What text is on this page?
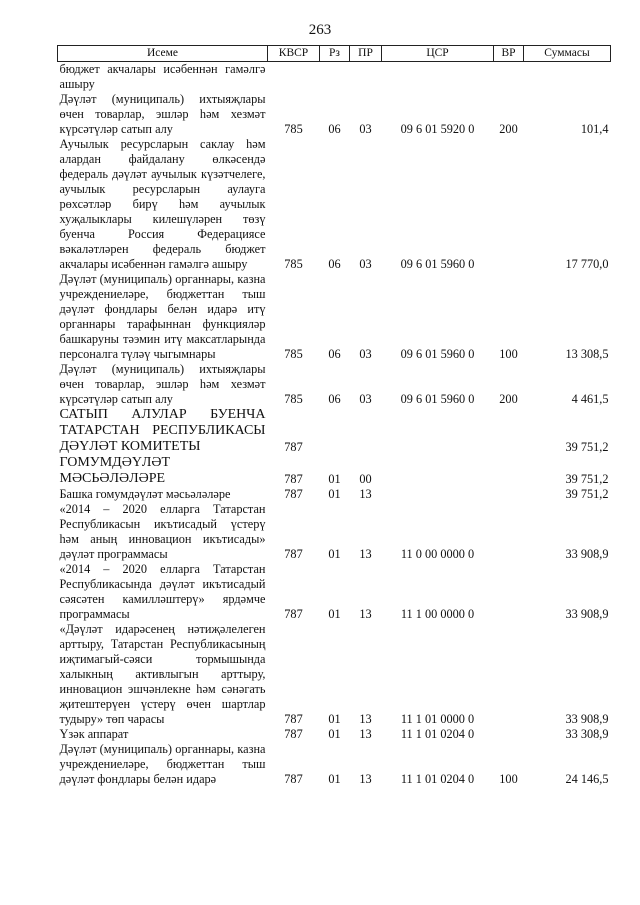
263
Исеме	КВСР	Рз	ПР	ЦСР	ВР	Суммасы
бюджет акчалары исәбеннән гамәлгә ашыру						
Дәүләт (муниципаль) ихтыяҗлары өчен товарлар, эшләр һәм хезмәт күрсәтүләр сатып алу	785	06	03	09 6 01 5920 0	200	101,4
Аучылык ресурсларын саклау һәм алардан файдалану өлкәсендә федераль дәүләт аучылык күзәтчелеге, аучылык ресурсларын аулауга рөхсәтләр бирү һәм аучылык хуҗалыклары килешүләрен төзү буенча Россия Федерациясе вәкаләтләрен федераль бюджет акчалары исәбеннән гамәлгә ашыру	785	06	03	09 6 01 5960 0		17 770,0
Дәүләт (муниципаль) органнары, казна учреждениеләре, бюджеттан тыш дәүләт фондлары белән идарә итү органнары тарафыннан функцияләр башкаруны тәэмин итү максатларында персоналга түләү чыгымнары	785	06	03	09 6 01 5960 0	100	13 308,5
Дәүләт (муниципаль) ихтыяҗлары өчен товарлар, эшләр һәм хезмәт күрсәтүләр сатып алу	785	06	03	09 6 01 5960 0	200	4 461,5
САТЫП АЛУЛАР БУЕНЧА ТАТАРСТАН РЕСПУБЛИКАСЫ ДӘҮЛӘТ КОМИТЕТЫ	787					39 751,2
ГОМУМДӘҮЛӘТ МӘСЬӘЛӘЛӘРЕ	787	01	00			39 751,2
Башка гомумдәүләт мәсьәләләре	787	01	13			39 751,2
«2014 – 2020 елларга Татарстан Республикасын икътисадый үстерү һәм аның инновацион икътисады» дәүләт программасы	787	01	13	11 0 00 0000 0		33 908,9
«2014 – 2020 елларга Татарстан Республикасында дәүләт икътисадый сәясәтен камилләштерү» ярдәмче программасы	787	01	13	11 1 00 0000 0		33 908,9
«Дәүләт идарәсенең нәтиҗәлелеген арттыру, Татарстан Республикасының иҗтимагый-сәяси тормышында халыкның активлыгын арттыру, инновацион эшчәнлекне һәм сәнәгать җитештерүен үстерү өчен шартлар тудыру» төп чарасы	787	01	13	11 1 01 0000 0		33 908,9
Үзәк аппарат	787	01	13	11 1 01 0204 0		33 308,9
Дәүләт (муниципаль) органнары, казна учреждениеләре, бюджеттан тыш дәүләт фондлары белән идарә	787	01	13	11 1 01 0204 0	100	24 146,5
